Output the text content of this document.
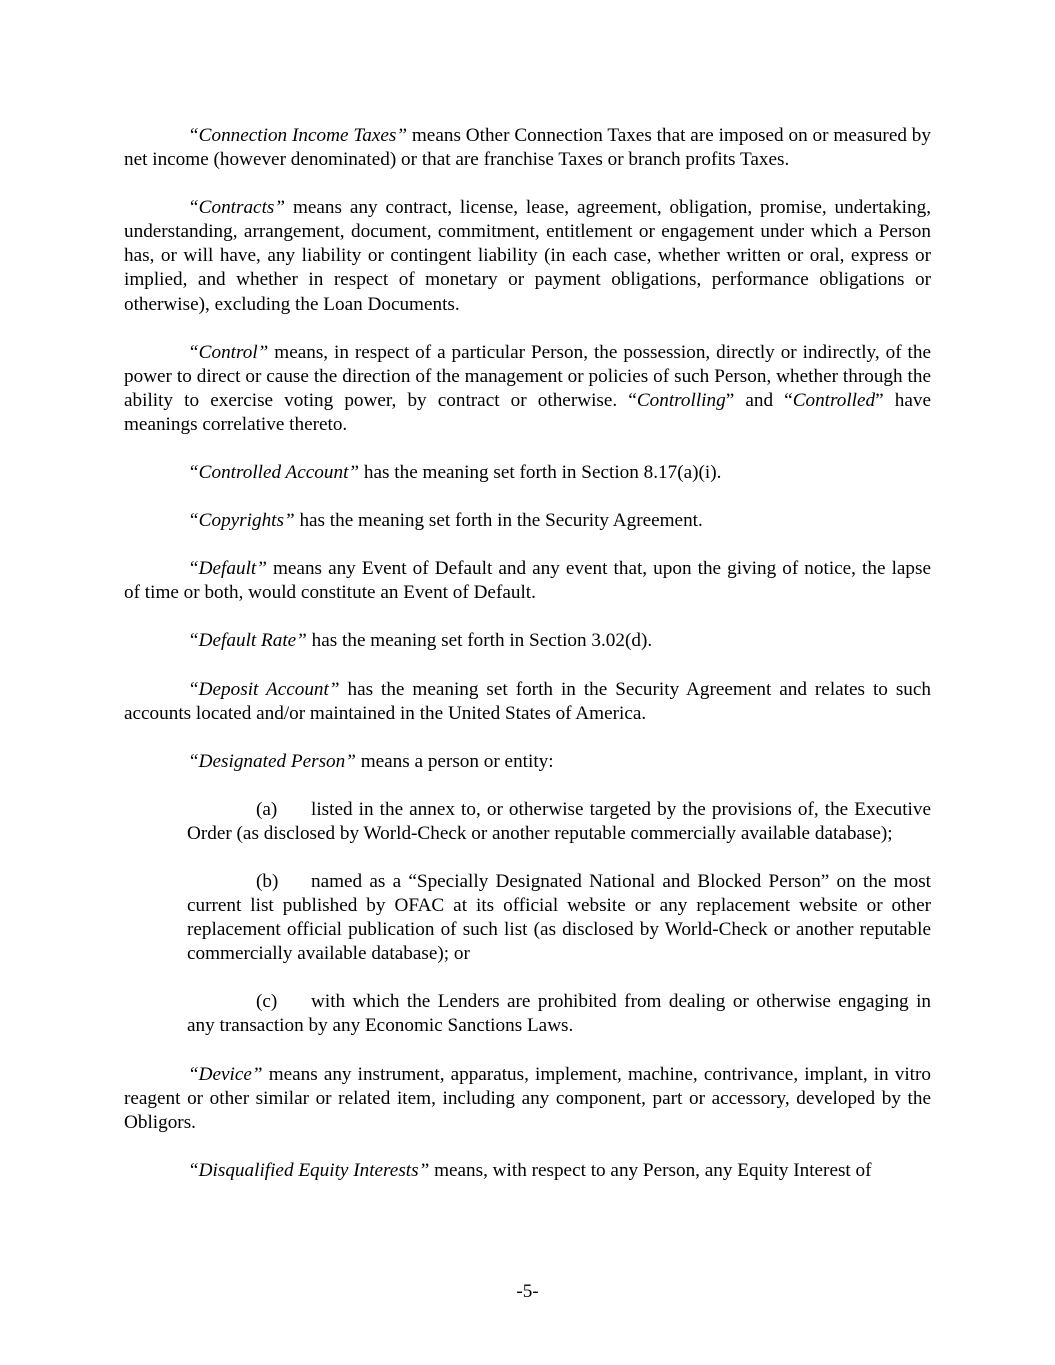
“Connection Income Taxes” means Other Connection Taxes that are imposed on or measured by net income (however denominated) or that are franchise Taxes or branch profits Taxes.

“Contracts” means any contract, license, lease, agreement, obligation, promise, undertaking, understanding, arrangement, document, commitment, entitlement or engagement under which a Person has, or will have, any liability or contingent liability (in each case, whether written or oral, express or implied, and whether in respect of monetary or payment obligations, performance obligations or otherwise), excluding the Loan Documents.

“Control” means, in respect of a particular Person, the possession, directly or indirectly, of the power to direct or cause the direction of the management or policies of such Person, whether through the ability to exercise voting power, by contract or otherwise. “Controlling” and “Controlled” have meanings correlative thereto.

“Controlled Account” has the meaning set forth in Section 8.17(a)(i).

“Copyrights” has the meaning set forth in the Security Agreement.

“Default” means any Event of Default and any event that, upon the giving of notice, the lapse of time or both, would constitute an Event of Default.

“Default Rate” has the meaning set forth in Section 3.02(d).

“Deposit Account” has the meaning set forth in the Security Agreement and relates to such accounts located and/or maintained in the United States of America.

“Designated Person” means a person or entity:

(a) listed in the annex to, or otherwise targeted by the provisions of, the Executive Order (as disclosed by World-Check or another reputable commercially available database);

(b) named as a “Specially Designated National and Blocked Person” on the most current list published by OFAC at its official website or any replacement website or other replacement official publication of such list (as disclosed by World-Check or another reputable commercially available database); or

(c) with which the Lenders are prohibited from dealing or otherwise engaging in any transaction by any Economic Sanctions Laws.

“Device” means any instrument, apparatus, implement, machine, contrivance, implant, in vitro reagent or other similar or related item, including any component, part or accessory, developed by the Obligors.

“Disqualified Equity Interests” means, with respect to any Person, any Equity Interest of

-5-
